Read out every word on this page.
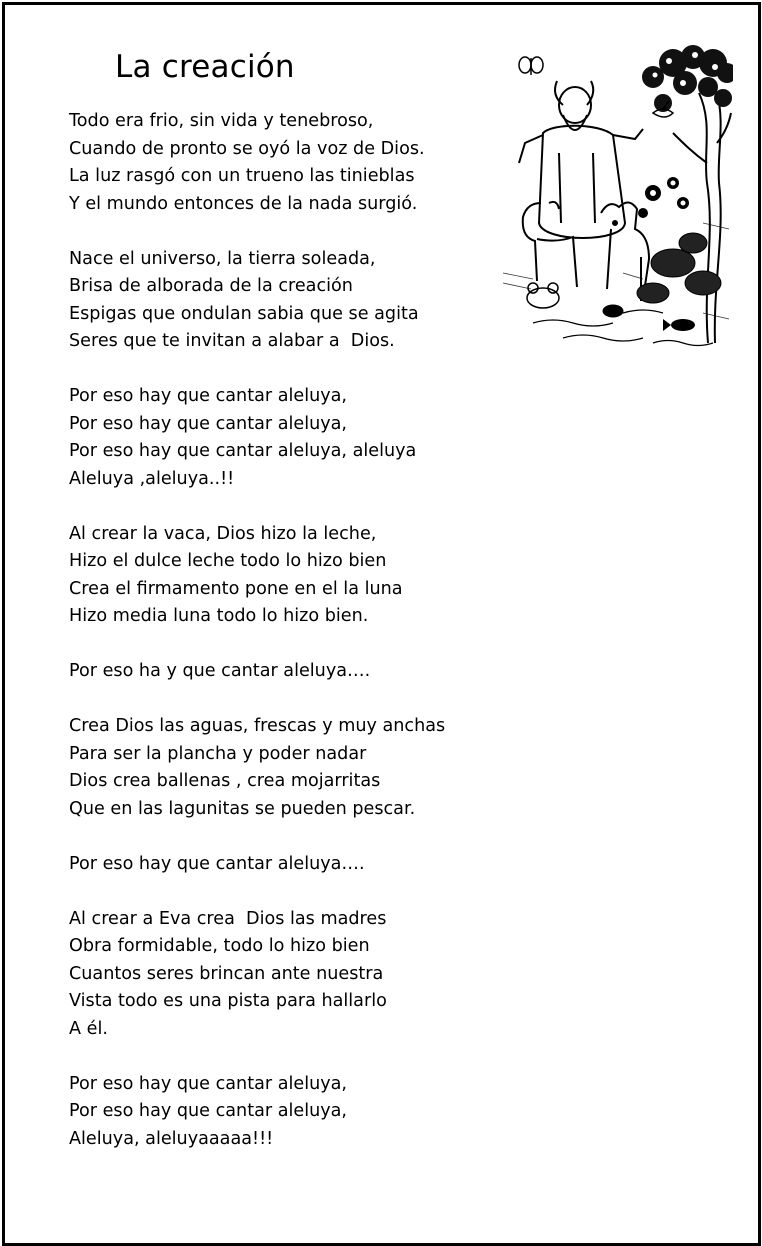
La creación
Todo era frio, sin vida y tenebroso,
Cuando de pronto se oyó la voz de Dios.
La luz rasgó con un trueno las tinieblas
Y el mundo entonces de la nada surgió.
Nace el universo, la tierra soleada,
Brisa de alborada de la creación
Espigas que ondulan sabia que se agita
Seres que te invitan a alabar a  Dios.
Por eso hay que cantar aleluya,
Por eso hay que cantar aleluya,
Por eso hay que cantar aleluya, aleluya
Aleluya ,aleluya..!!
Al crear la vaca, Dios hizo la leche,
Hizo el dulce leche todo lo hizo bien
Crea el firmamento pone en el la luna
Hizo media luna todo lo hizo bien.
Por eso ha y que cantar aleluya….
Crea Dios las aguas, frescas y muy anchas
Para ser la plancha y poder nadar
Dios crea ballenas , crea mojarritas
Que en las lagunitas se pueden pescar.
Por eso hay que cantar aleluya….
Al crear a Eva crea  Dios las madres
Obra formidable, todo lo hizo bien
Cuantos seres brincan ante nuestra
Vista todo es una pista para hallarlo
A él.
Por eso hay que cantar aleluya,
Por eso hay que cantar aleluya,
Aleluya, aleluyaaaaa!!!
